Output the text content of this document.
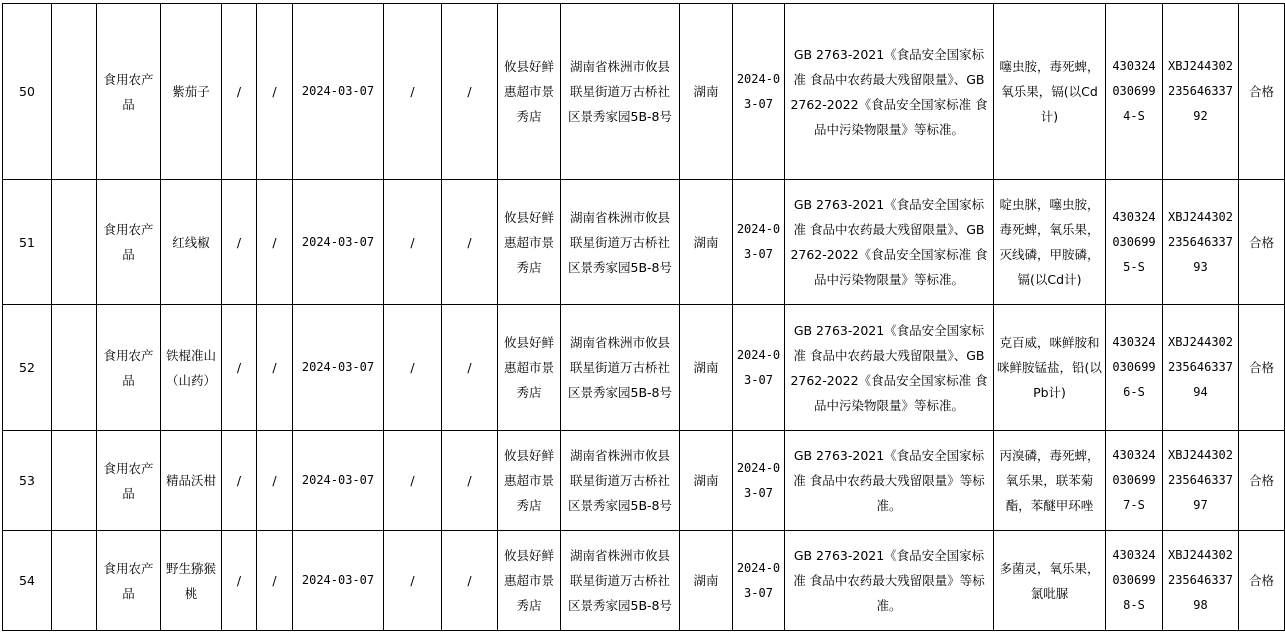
50		食用农产品	紫茄子	/	/	2024-03-07	/	/	攸县好鲜惠超市景秀店	湖南省株洲市攸县联星街道万古桥社区景秀家园5B-8号	湖南	2024-03-07	GB 2763-2021《食品安全国家标准 食品中农药最大残留限量》、GB 2762-2022《食品安全国家标准 食品中污染物限量》等标准。	噻虫胺，毒死蜱，氧乐果，镉(以Cd计)	4303240306994-S	XBJ24430223564633792	合格
51		食用农产品	红线椒	/	/	2024-03-07	/	/	攸县好鲜惠超市景秀店	湖南省株洲市攸县联星街道万古桥社区景秀家园5B-8号	湖南	2024-03-07	GB 2763-2021《食品安全国家标准 食品中农药最大残留限量》、GB 2762-2022《食品安全国家标准 食品中污染物限量》等标准。	啶虫脒，噻虫胺，毒死蜱，氧乐果，灭线磷，甲胺磷，镉(以Cd计)	4303240306995-S	XBJ24430223564633793	合格
52		食用农产品	铁棍准山（山药）	/	/	2024-03-07	/	/	攸县好鲜惠超市景秀店	湖南省株洲市攸县联星街道万古桥社区景秀家园5B-8号	湖南	2024-03-07	GB 2763-2021《食品安全国家标准 食品中农药最大残留限量》、GB 2762-2022《食品安全国家标准 食品中污染物限量》等标准。	克百威，咪鲜胺和咪鲜胺锰盐，铅(以Pb计)	4303240306996-S	XBJ24430223564633794	合格
53		食用农产品	精品沃柑	/	/	2024-03-07	/	/	攸县好鲜惠超市景秀店	湖南省株洲市攸县联星街道万古桥社区景秀家园5B-8号	湖南	2024-03-07	GB 2763-2021《食品安全国家标准 食品中农药最大残留限量》等标准。	丙溴磷，毒死蜱，氧乐果，联苯菊酯，苯醚甲环唑	4303240306997-S	XBJ24430223564633797	合格
54		食用农产品	野生猕猴桃	/	/	2024-03-07	/	/	攸县好鲜惠超市景秀店	湖南省株洲市攸县联星街道万古桥社区景秀家园5B-8号	湖南	2024-03-07	GB 2763-2021《食品安全国家标准 食品中农药最大残留限量》等标准。	多菌灵，氧乐果，氯吡脲	4303240306998-S	XBJ24430223564633798	合格
